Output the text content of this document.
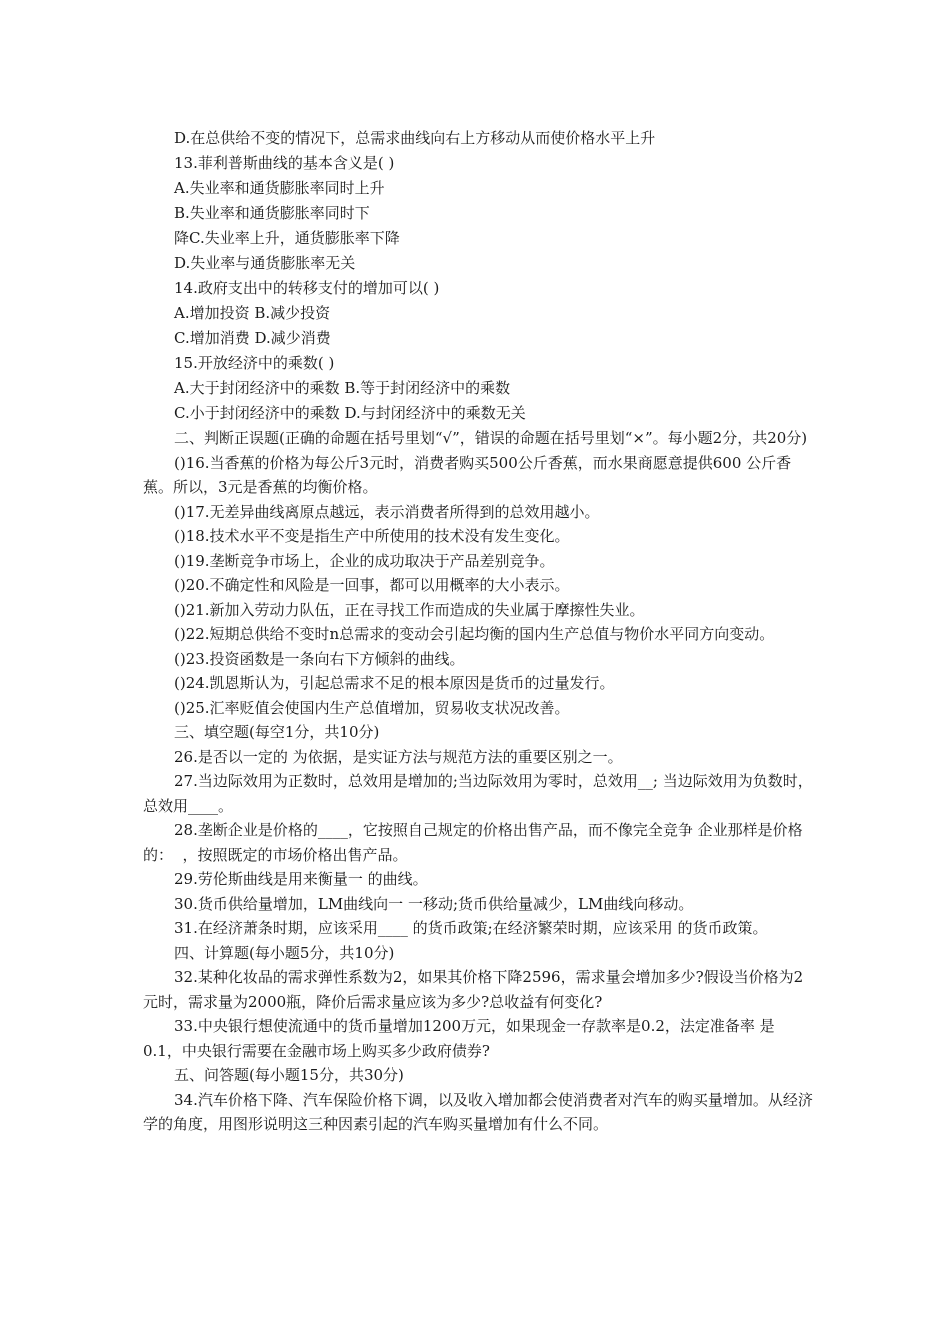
D.在总供给不变的情况下，总需求曲线向右上方移动从而使价格水平上升

13.菲利普斯曲线的基本含义是( )

A.失业率和通货膨胀率同时上升

B.失业率和通货膨胀率同时下

降C.失业率上升，通货膨胀率下降

D.失业率与通货膨胀率无关

14.政府支出中的转移支付的增加可以( )

A.增加投资 B.减少投资

C.增加消费 D.减少消费

15.开放经济中的乘数( )

A.大于封闭经济中的乘数 B.等于封闭经济中的乘数

C.小于封闭经济中的乘数 D.与封闭经济中的乘数无关

二、判断正误题(正确的命题在括号里划“√”，错误的命题在括号里划“×”。每小题2分，共20分)

()16.当香蕉的价格为每公斤3元时，消费者购买500公斤香蕉，而水果商愿意提供600 公斤香蕉。所以，3元是香蕉的均衡价格。

()17.无差异曲线离原点越远，表示消费者所得到的总效用越小。

()18.技术水平不变是指生产中所使用的技术没有发生变化。

()19.垄断竞争市场上，企业的成功取决于产品差别竞争。

()20.不确定性和风险是一回事，都可以用概率的大小表示。

()21.新加入劳动力队伍，正在寻找工作而造成的失业属于摩擦性失业。

()22.短期总供给不变时n总需求的变动会引起均衡的国内生产总值与物价水平同方向变动。

()23.投资函数是一条向右下方倾斜的曲线。

()24.凯恩斯认为，引起总需求不足的根本原因是货币的过量发行。

()25.汇率贬值会使国内生产总值增加，贸易收支状况改善。

三、填空题(每空1分，共10分)

26.是否以一定的 为依据，是实证方法与规范方法的重要区别之一。

27.当边际效用为正数时，总效用是增加的;当边际效用为零时，总效用__; 当边际效用为负数时，总效用____。

28.垄断企业是价格的____，它按照自己规定的价格出售产品，而不像完全竞争 企业那样是价格的：  ，按照既定的市场价格出售产品。

29.劳伦斯曲线是用来衡量一 的曲线。

30.货币供给量增加，LM曲线向一 一移动;货币供给量减少，LM曲线向移动。

31.在经济萧条时期，应该采用____ 的货币政策;在经济繁荣时期，应该采用 的货币政策。

四、计算题(每小题5分，共10分)

32.某种化妆品的需求弹性系数为2，如果其价格下降2596，需求量会增加多少?假设当价格为2元时，需求量为2000瓶，降价后需求量应该为多少?总收益有何变化?

33.中央银行想使流通中的货币量增加1200万元，如果现金一存款率是0.2，法定准备率 是0.1，中央银行需要在金融市场上购买多少政府债券?

五、问答题(每小题15分，共30分)

34.汽车价格下降、汽车保险价格下调，以及收入增加都会使消费者对汽车的购买量增加。从经济学的角度，用图形说明这三种因素引起的汽车购买量增加有什么不同。
